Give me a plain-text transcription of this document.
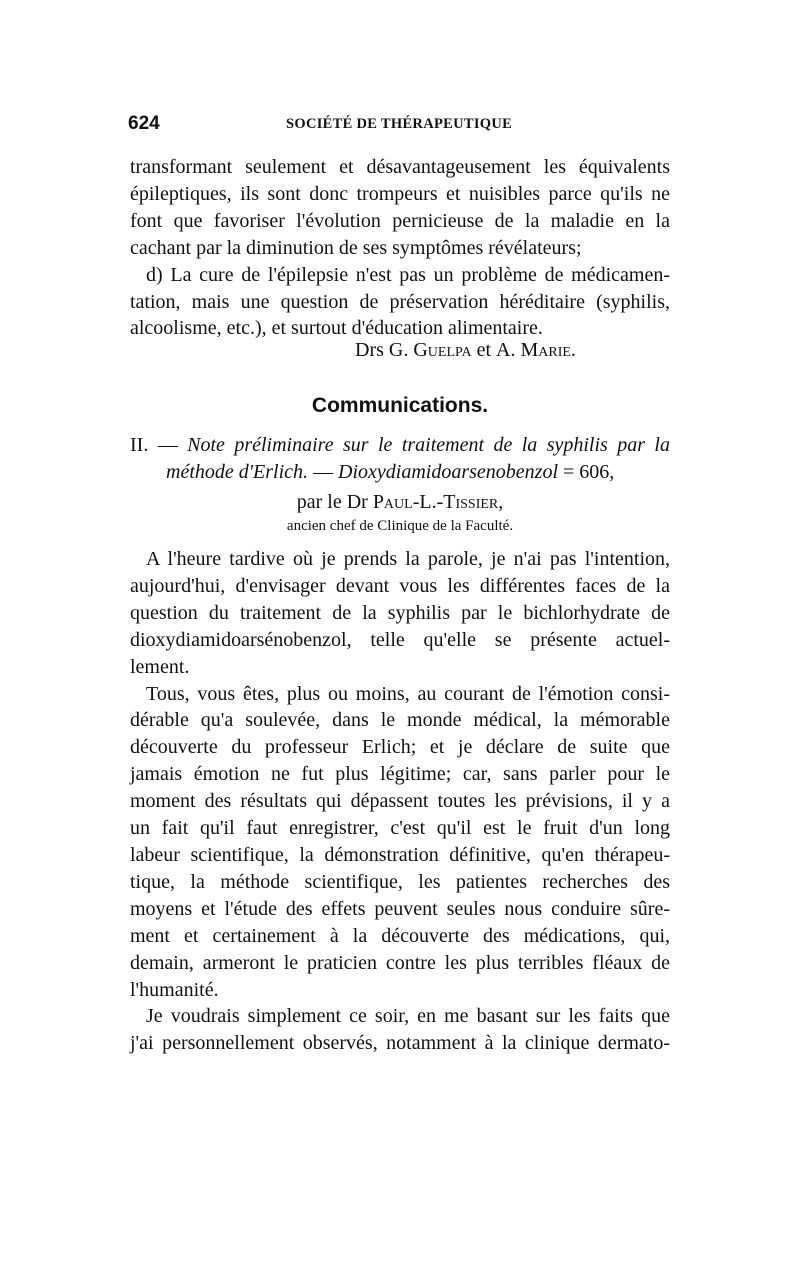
624	SOCIÉTÉ DE THÉRAPEUTIQUE
transformant seulement et désavantageusement les équivalents
épileptiques, ils sont donc trompeurs et nuisibles parce qu'ils ne
font que favoriser l'évolution pernicieuse de la maladie en la
cachant par la diminution de ses symptômes révélateurs;
d) La cure de l'épilepsie n'est pas un problème de médicamen-
tation, mais une question de préservation héréditaire (syphilis,
alcoolisme, etc.), et surtout d'éducation alimentaire.
Drs G. Guelpa et A. Marie.
Communications.
II. — Note préliminaire sur le traitement de la syphilis par la
méthode d'Erlich. — Dioxydiamidoarsenobenzol = 606,
par le Dr Paul-L.-Tissier,
ancien chef de Clinique de la Faculté.
A l'heure tardive où je prends la parole, je n'ai pas l'intention,
aujourd'hui, d'envisager devant vous les différentes faces de la
question du traitement de la syphilis par le bichlorhydrate de
dioxydiamidoarsénobenzol, telle qu'elle se présente actuel-
lement.
Tous, vous êtes, plus ou moins, au courant de l'émotion consi-
dérable qu'a soulevée, dans le monde médical, la mémorable
découverte du professeur Erlich; et je déclare de suite que
jamais émotion ne fut plus légitime; car, sans parler pour le
moment des résultats qui dépassent toutes les prévisions, il y a
un fait qu'il faut enregistrer, c'est qu'il est le fruit d'un long
labeur scientifique, la démonstration définitive, qu'en thérapeu-
tique, la méthode scientifique, les patientes recherches des
moyens et l'étude des effets peuvent seules nous conduire sûre-
ment et certainement à la découverte des médications, qui,
demain, armeront le praticien contre les plus terribles fléaux de
l'humanité.
Je voudrais simplement ce soir, en me basant sur les faits que
j'ai personnellement observés, notamment à la clinique dermato-
